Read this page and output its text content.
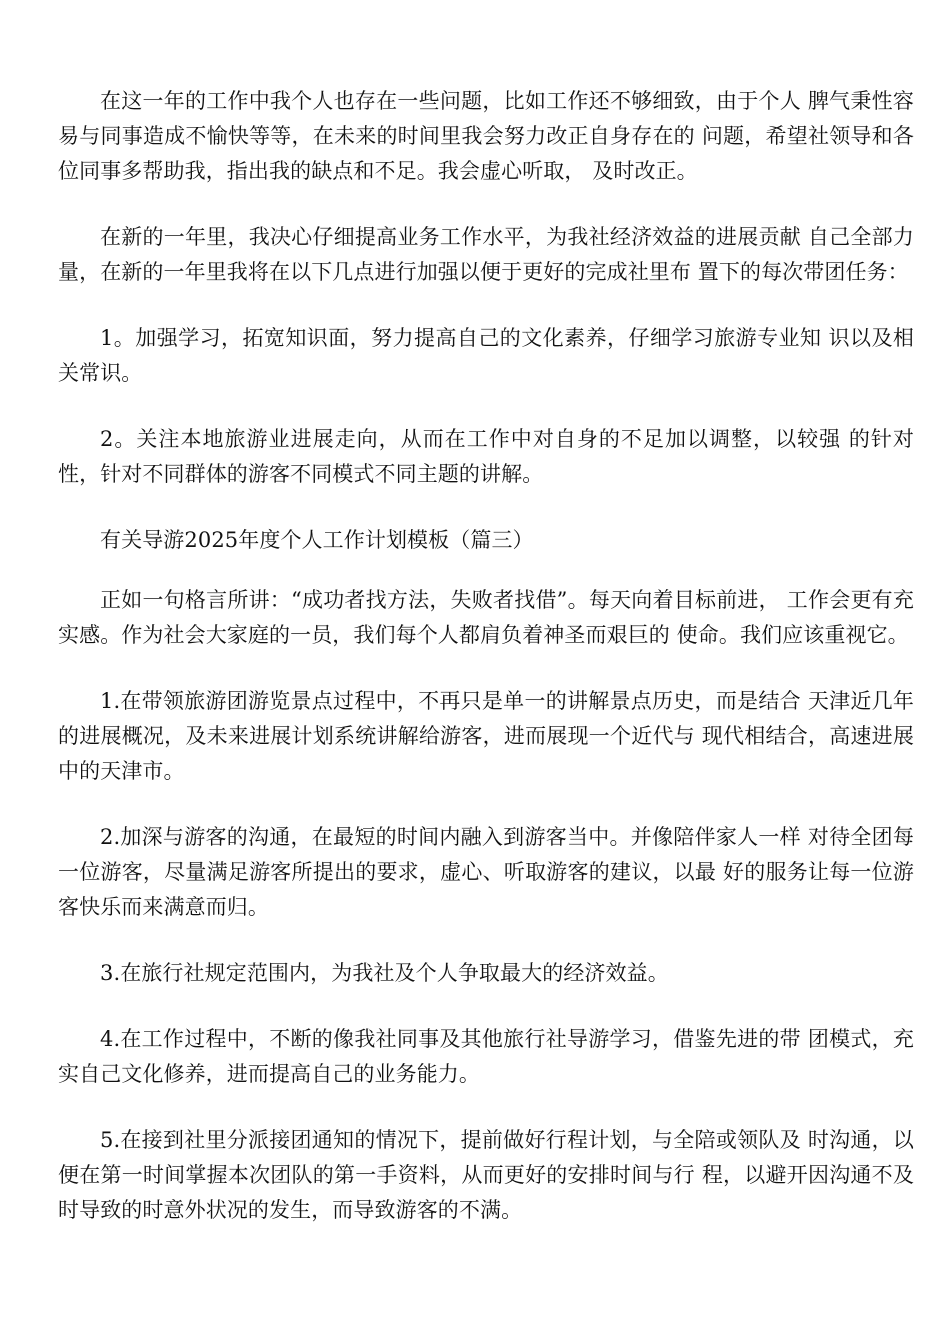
在这一年的工作中我个人也存在一些问题，比如工作还不够细致，由于个人 脾气秉性容易与同事造成不愉快等等，在未来的时间里我会努力改正自身存在的 问题，希望社领导和各位同事多帮助我，指出我的缺点和不足。我会虚心听取， 及时改正。

在新的一年里，我决心仔细提高业务工作水平，为我社经济效益的进展贡献 自己全部力量，在新的一年里我将在以下几点进行加强以便于更好的完成社里布 置下的每次带团任务：

1。加强学习，拓宽知识面，努力提高自己的文化素养，仔细学习旅游专业知 识以及相关常识。

2。关注本地旅游业进展走向，从而在工作中对自身的不足加以调整，以较强 的针对性，针对不同群体的游客不同模式不同主题的讲解。

有关导游2025年度个人工作计划模板（篇三）

正如一句格言所讲：“成功者找方法，失败者找借”。每天向着目标前进， 工作会更有充实感。作为社会大家庭的一员，我们每个人都肩负着神圣而艰巨的 使命。我们应该重视它。

1.在带领旅游团游览景点过程中，不再只是单一的讲解景点历史，而是结合 天津近几年的进展概况，及未来进展计划系统讲解给游客，进而展现一个近代与 现代相结合，高速进展中的天津市。

2.加深与游客的沟通，在最短的时间内融入到游客当中。并像陪伴家人一样 对待全团每一位游客，尽量满足游客所提出的要求，虚心、听取游客的建议，以最 好的服务让每一位游客快乐而来满意而归。

3.在旅行社规定范围内，为我社及个人争取最大的经济效益。

4.在工作过程中，不断的像我社同事及其他旅行社导游学习，借鉴先进的带 团模式，充实自己文化修养，进而提高自己的业务能力。

5.在接到社里分派接团通知的情况下，提前做好行程计划，与全陪或领队及 时沟通，以便在第一时间掌握本次团队的第一手资料，从而更好的安排时间与行 程，以避开因沟通不及时导致的时意外状况的发生，而导致游客的不满。
